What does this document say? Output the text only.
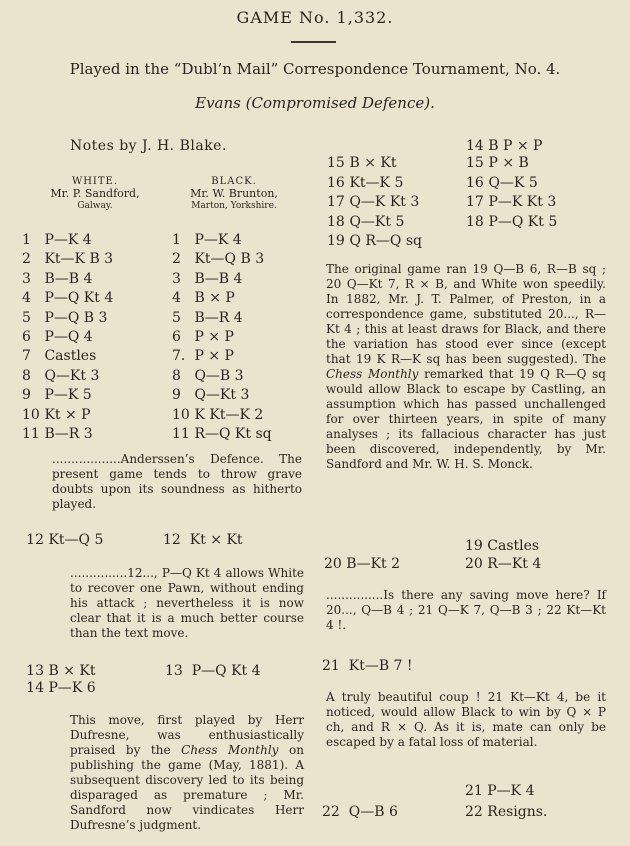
GAME No. 1,332.
Played in the “Dubl’n Mail” Correspondence Tournament, No. 4.
Evans (Compromised Defence).
Notes by J. H. Blake.
WHITE.
Mr. P. Sandford,
Galway.
BLACK.
Mr. W. Brunton,
Marton, Yorkshire.
1 P—K 4	1 P—K 4
2 Kt—K B 3	2 Kt—Q B 3
3 B—B 4	3 B—B 4
4 P—Q Kt 4	4 B × P
5 P—Q B 3	5 B—R 4
6 P—Q 4	6 P × P
7 Castles	7. P × P
8 Q—Kt 3	8 Q—B 3
9 P—K 5	9 Q—Kt 3
10 Kt × P	10 K Kt—K 2
11 B—R 3	11 R—Q Kt sq
..................Anderssen’s Defence. The present game tends to throw grave doubts upon its soundness as hitherto played.
12 Kt—Q 5	12 Kt × Kt
...............12..., P—Q Kt 4 allows White to recover one Pawn, without ending his attack ; nevertheless it is now clear that it is a much better course than the text move.
13 B × Kt	13 P—Q Kt 4
14 P—K 6
This move, first played by Herr Dufresne, was enthusiastically praised by the Chess Monthly on publishing the game (May, 1881). A subsequent discovery led to its being disparaged as premature ; Mr. Sandford now vindicates Herr Dufresne’s judgment.
14 B P × P
15 B × Kt	15 P × B
16 Kt—K 5	16 Q—K 5
17 Q—K Kt 3	17 P—K Kt 3
18 Q—Kt 5	18 P—Q Kt 5
19 Q R—Q sq
The original game ran 19 Q—B 6, R—B sq ; 20 Q—Kt 7, R × B, and White won speedily. In 1882, Mr. J. T. Palmer, of Preston, in a correspondence game, substituted 20..., R—Kt 4 ; this at least draws for Black, and there the variation has stood ever since (except that 19 K R—K sq has been suggested). The Chess Monthly remarked that 19 Q R—Q sq would allow Black to escape by Castling, an assumption which has passed unchallenged for over thirteen years, in spite of many analyses ; its fallacious character has just been discovered, independently, by Mr. Sandford and Mr. W. H. S. Monck.
19 Castles
20 B—Kt 2	20 R—Kt 4
...............Is there any saving move here? If 20..., Q—B 4 ; 21 Q—K 7, Q—B 3 ; 22 Kt—Kt 4 !.
21 Kt—B 7 !
A truly beautiful coup ! 21 Kt—Kt 4, be it noticed, would allow Black to win by Q × P ch, and R × Q. As it is, mate can only be escaped by a fatal loss of material.
21 P—K 4
22 Q—B 6	22 Resigns.
